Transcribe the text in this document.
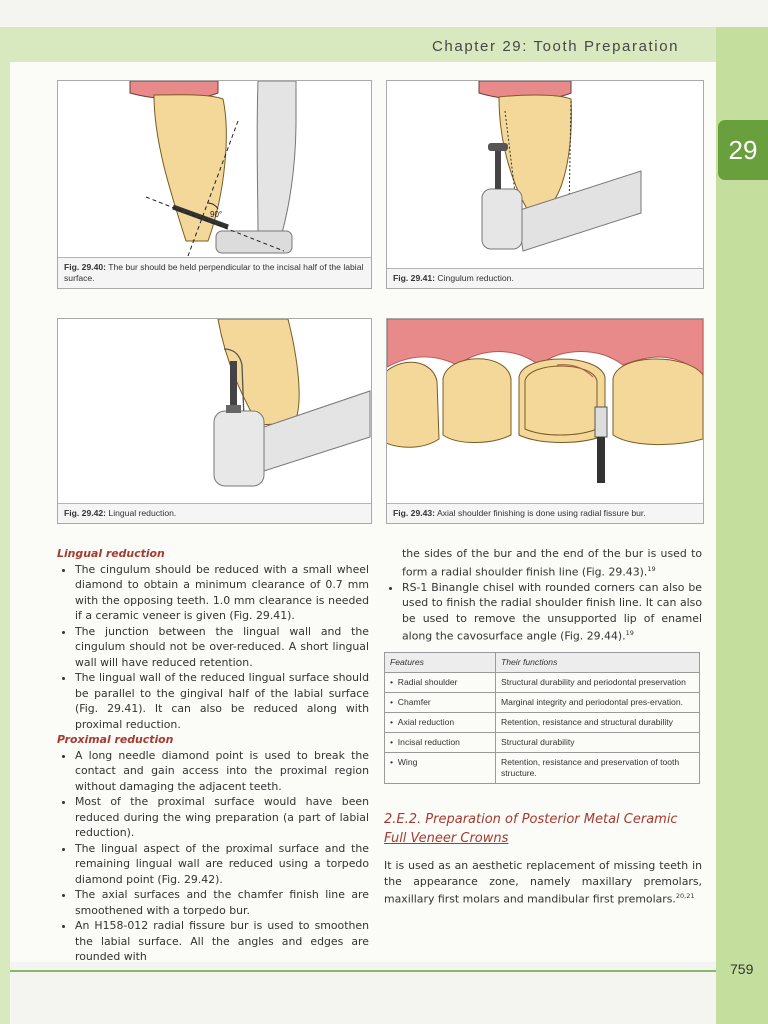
Chapter 29: Tooth Preparation
29
90°
Fig. 29.40: The bur should be held perpendicular to the incisal half of the labial surface.	Fig. 29.41: Cingulum reduction.
Fig. 29.42: Lingual reduction.	Fig. 29.43: Axial shoulder finishing is done using radial fissure bur.

Lingual reduction

• The cingulum should be reduced with a small wheel diamond to obtain a minimum clearance of 0.7 mm with the opposing teeth. 1.0 mm clearance is needed if a ceramic veneer is given (Fig. 29.41).
• The junction between the lingual wall and the cingulum should not be over-reduced. A short lingual wall will have reduced retention.
• The lingual wall of the reduced lingual surface should be parallel to the gingival half of the labial surface (Fig. 29.41). It can also be reduced along with proximal reduction.

Proximal reduction

• A long needle diamond point is used to break the contact and gain access into the proximal region without damaging the adjacent teeth.
• Most of the proximal surface would have been reduced during the wing preparation (a part of labial reduction).
• The lingual aspect of the proximal surface and the remaining lingual wall are reduced using a torpedo diamond point (Fig. 29.42).
• The axial surfaces and the chamfer finish line are smoothened with a torpedo bur.
• An H158-012 radial fissure bur is used to smoothen the labial surface. All the angles and edges are rounded with

the sides of the bur and the end of the bur is used to form a radial shoulder finish line (Fig. 29.43).$^{19}$

• RS-1 Binangle chisel with rounded corners can also be used to finish the radial shoulder finish line. It can also be used to remove the unsupported lip of enamel along the cavosurface angle (Fig. 29.44).$^{19}$
Features	Their functions
•  Radial shoulder	Structural durability and periodontal preservation
•  Chamfer	Marginal integrity and periodontal pres-ervation.
•  Axial reduction	Retention, resistance and structural durability
•  Incisal reduction	Structural durability
•  Wing	Retention, resistance and preservation of tooth structure.
2.E.2. Preparation of Posterior Metal Ceramic
Full Veneer Crowns

It is used as an aesthetic replacement of missing teeth in the appearance zone, namely maxillary premolars, maxillary first molars and mandibular first premolars.$^{20,21}$

759
